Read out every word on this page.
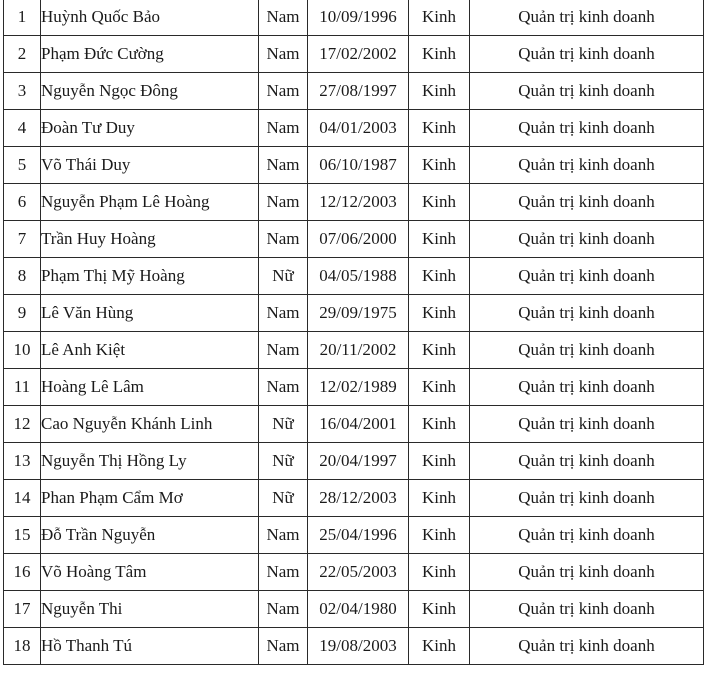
1	Huỳnh Quốc Bảo	Nam	10/09/1996	Kinh	Quản trị kinh doanh
2	Phạm Đức Cường	Nam	17/02/2002	Kinh	Quản trị kinh doanh
3	Nguyễn Ngọc Đông	Nam	27/08/1997	Kinh	Quản trị kinh doanh
4	Đoàn Tư Duy	Nam	04/01/2003	Kinh	Quản trị kinh doanh
5	Võ Thái Duy	Nam	06/10/1987	Kinh	Quản trị kinh doanh
6	Nguyễn Phạm Lê Hoàng	Nam	12/12/2003	Kinh	Quản trị kinh doanh
7	Trần Huy Hoàng	Nam	07/06/2000	Kinh	Quản trị kinh doanh
8	Phạm Thị Mỹ Hoàng	Nữ	04/05/1988	Kinh	Quản trị kinh doanh
9	Lê Văn Hùng	Nam	29/09/1975	Kinh	Quản trị kinh doanh
10	Lê Anh Kiệt	Nam	20/11/2002	Kinh	Quản trị kinh doanh
11	Hoàng Lê Lâm	Nam	12/02/1989	Kinh	Quản trị kinh doanh
12	Cao Nguyễn Khánh Linh	Nữ	16/04/2001	Kinh	Quản trị kinh doanh
13	Nguyễn Thị Hồng Ly	Nữ	20/04/1997	Kinh	Quản trị kinh doanh
14	Phan Phạm Cẩm Mơ	Nữ	28/12/2003	Kinh	Quản trị kinh doanh
15	Đỗ Trần Nguyễn	Nam	25/04/1996	Kinh	Quản trị kinh doanh
16	Võ Hoàng Tâm	Nam	22/05/2003	Kinh	Quản trị kinh doanh
17	Nguyễn Thi	Nam	02/04/1980	Kinh	Quản trị kinh doanh
18	Hồ Thanh Tú	Nam	19/08/2003	Kinh	Quản trị kinh doanh
